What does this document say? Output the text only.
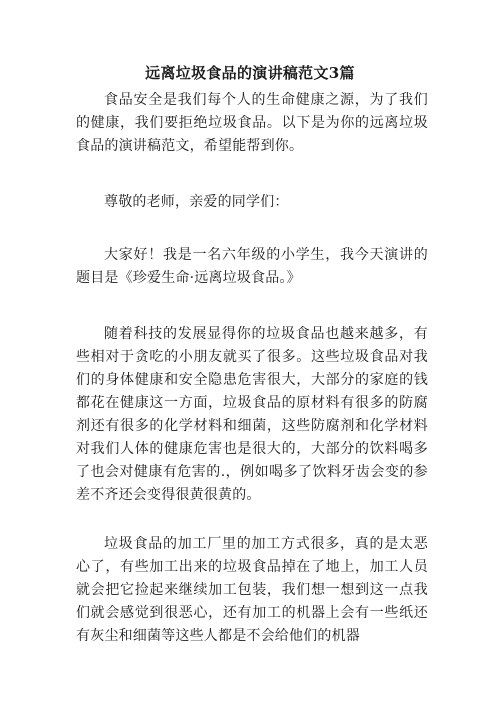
远离垃圾食品的演讲稿范文3篇

食品安全是我们每个人的生命健康之源，为了我们的健康，我们要拒绝垃圾食品。以下是为你的远离垃圾食品的演讲稿范文，希望能帮到你。

尊敬的老师，亲爱的同学们：

大家好！我是一名六年级的小学生，我今天演讲的题目是《珍爱生命·远离垃圾食品。》

随着科技的发展显得你的垃圾食品也越来越多，有些相对于贪吃的小朋友就买了很多。这些垃圾食品对我们的身体健康和安全隐患危害很大，大部分的家庭的钱都花在健康这一方面，垃圾食品的原材料有很多的防腐剂还有很多的化学材料和细菌，这些防腐剂和化学材料对我们人体的健康危害也是很大的，大部分的饮料喝多了也会对健康有危害的.，例如喝多了饮料牙齿会变的参差不齐还会变得很黄很黄的。

垃圾食品的加工厂里的加工方式很多，真的是太恶心了，有些加工出来的垃圾食品掉在了地上，加工人员就会把它捡起来继续加工包装，我们想一想到这一点我们就会感觉到很恶心，还有加工的机器上会有一些纸还有灰尘和细菌等这些人都是不会给他们的机器
